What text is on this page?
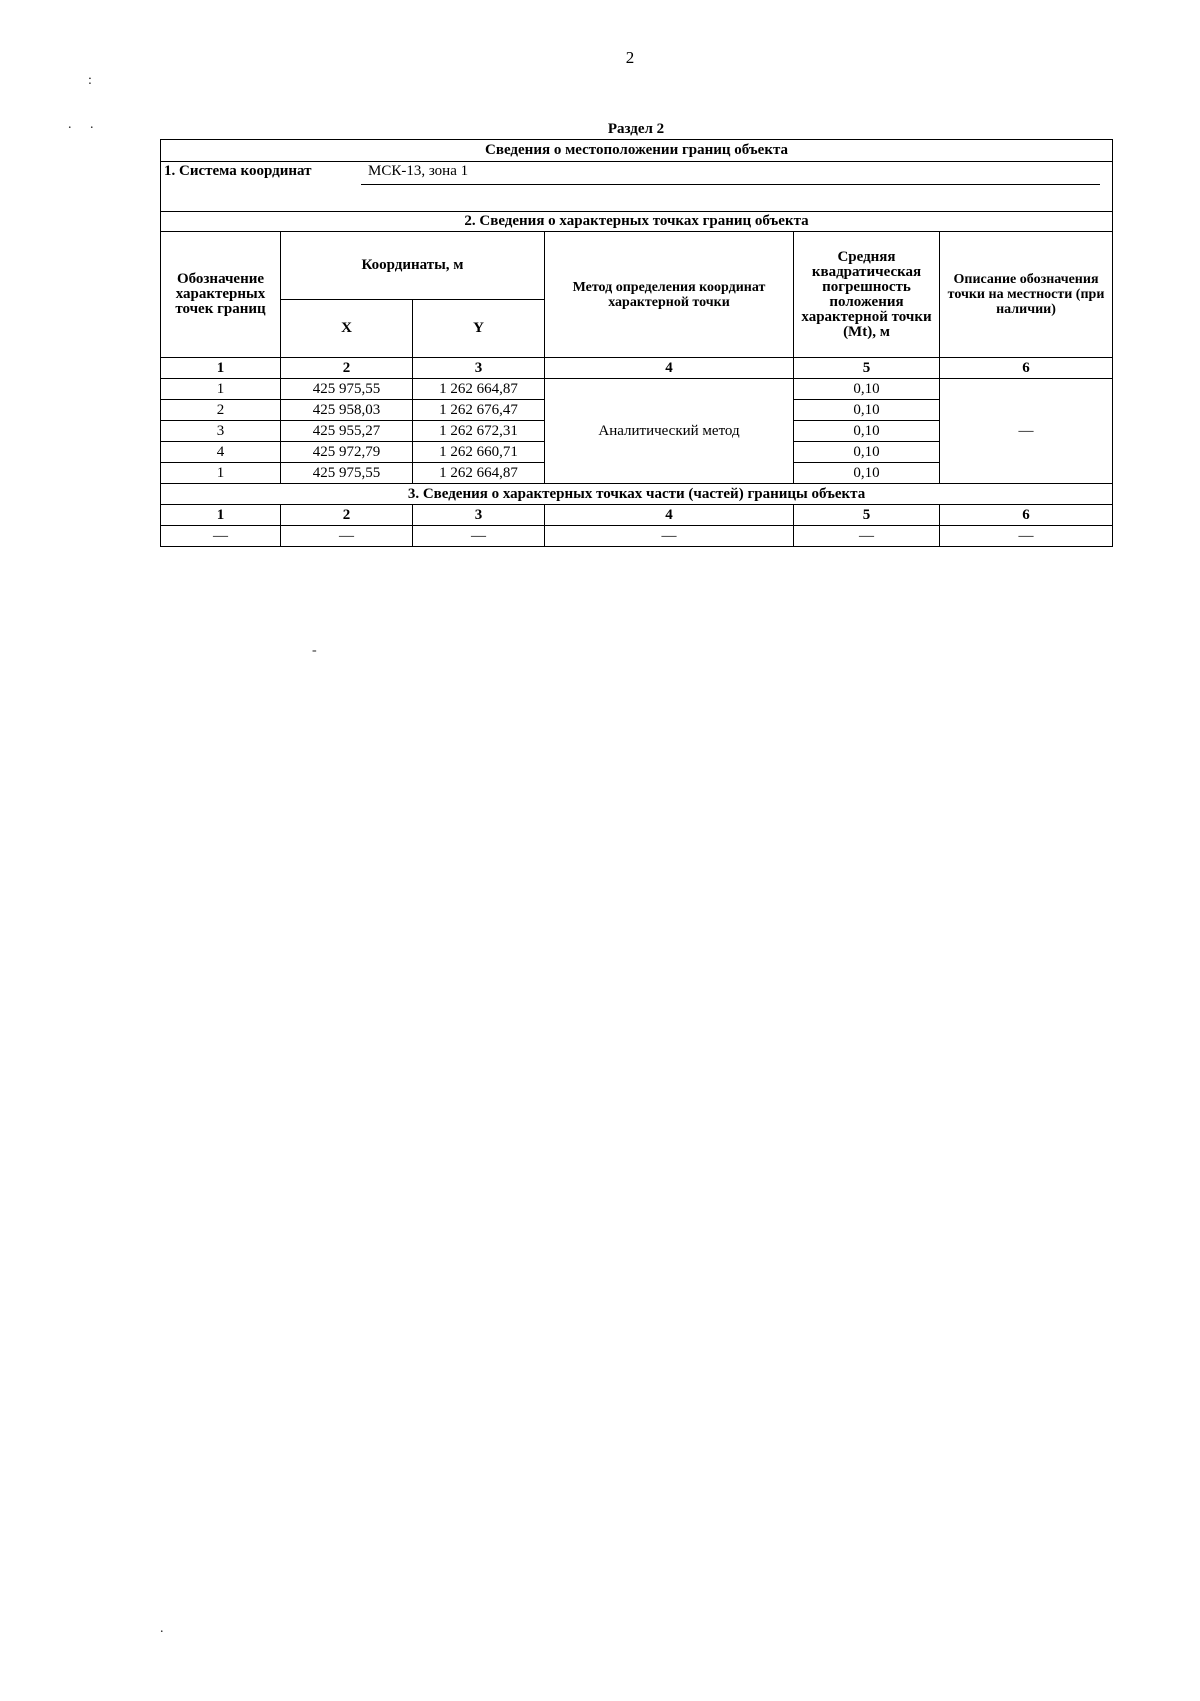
2
:
. .
-
.
Раздел 2
Сведения о местоположении границ объекта					

1. Система координат МСК-13, зона 1					

2. Сведения о характерных точках границ объекта					
Обозначение характерных точек границ	Координаты, м		Метод определения координат характерной точки	Средняя квадратическая погрешность положения характерной точки (Mt), м	Описание обозначения точки на местности (при наличии)
	X	Y			
1	2	3	4	5	6
1	425 975,55	1 262 664,87	Аналитический метод	0,10	—
2	425 958,03	1 262 676,47		0,10	
3	425 955,27	1 262 672,31		0,10	
4	425 972,79	1 262 660,71		0,10	
1	425 975,55	1 262 664,87		0,10	
3. Сведения о характерных точках части (частей) границы объекта					
1	2	3	4	5	6
—	—	—	—	—	—
